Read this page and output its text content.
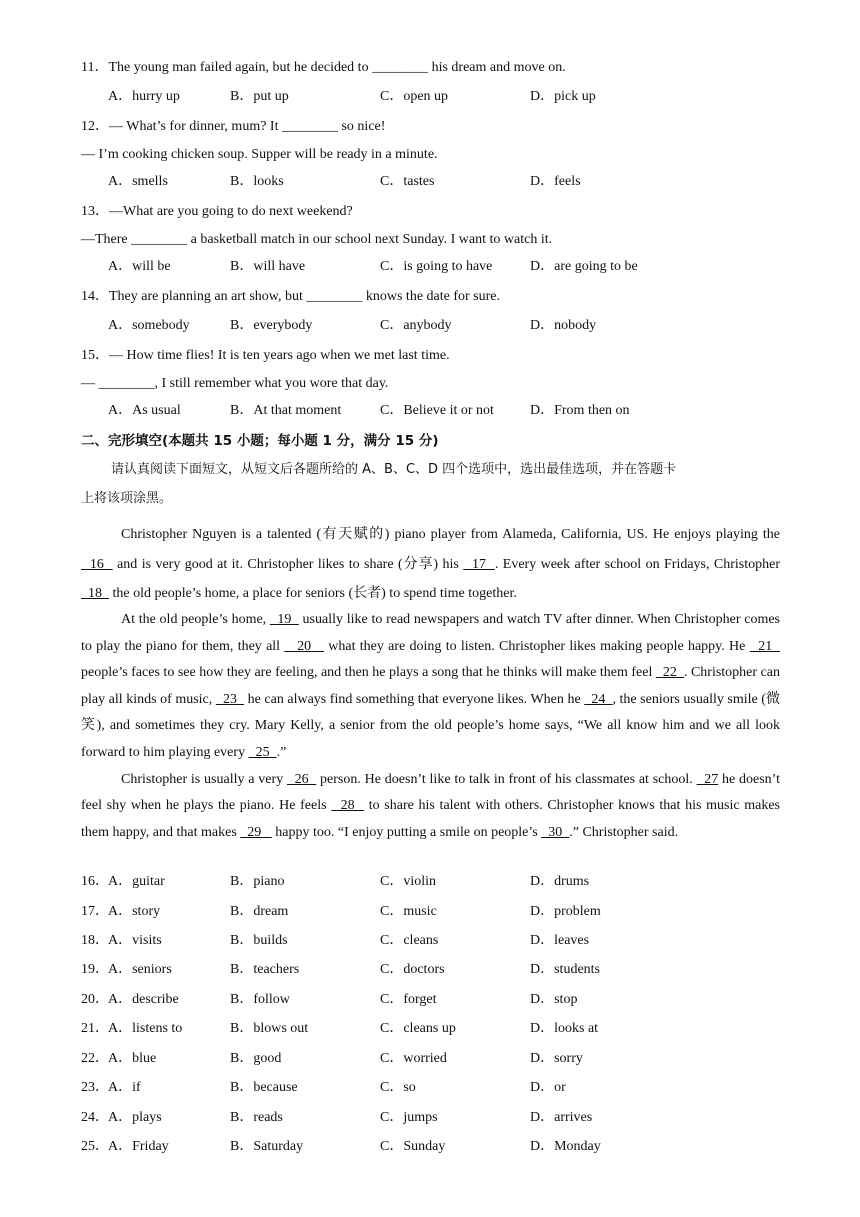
11．The young man failed again, but he decided to ________ his dream and move on.
A．hurry up	B．put up	C．open up	D．pick up
12．— What’s for dinner, mum? It ________ so nice!
— I’m cooking chicken soup. Supper will be ready in a minute.
A．smells	B．looks	C．tastes	D．feels
13．—What are you going to do next weekend?
—There ________ a basketball match in our school next Sunday. I want to watch it.
A．will be	B．will have	C．is going to have	D．are going to be
14．They are planning an art show, but ________ knows the date for sure.
A．somebody	B．everybody	C．anybody	D．nobody
15．— How time flies! It is ten years ago when we met last time.
— ________, I still remember what you wore that day.
A．As usual	B．At that moment	C．Believe it or not	D．From then on
二、完形填空(本题共 15 小题；每小题 1 分，满分 15 分)
请认真阅读下面短文，从短文后各题所给的 A、B、C、D 四个选项中，选出最佳选项，并在答题卡
上将该项涂黑。
Christopher Nguyen is a talented (有天赋的) piano player from Alameda, California, US. He enjoys playing the   16   and is very good at it. Christopher likes to share (分享) his   17  . Every week after school on Fridays, Christopher   18   the old people’s home, a place for seniors (长者) to spend time together.
At the old people’s home,   19   usually like to read newspapers and watch TV after dinner. When Christopher comes to play the piano for them, they all    20    what they are doing to listen. Christopher likes making people happy. He   21   people’s faces to see how they are feeling, and then he plays a song that he thinks will make them feel   22  . Christopher can play all kinds of music,   23   he can always find something that everyone likes. When he   24  , the seniors usually smile (微笑), and sometimes they cry. Mary Kelly, a senior from the old people’s home says, “We all know him and we all look forward to him playing every   25  .”
Christopher is usually a very   26   person. He doesn’t like to talk in front of his classmates at school.   27 he doesn’t feel shy when he plays the piano. He feels   28   to share his talent with others. Christopher knows that his music makes them happy, and that makes   29    happy too. “I enjoy putting a smile on people’s   30  .” Christopher said.
16． A．guitar	B．piano	C．violin	D．drums
17． A．story	B．dream	C．music	D．problem
18． A．visits	B．builds	C．cleans	D．leaves
19． A．seniors	B．teachers	C．doctors	D．students
20． A．describe	B．follow	C．forget	D．stop
21． A．listens to	B．blows out	C．cleans up	D．looks at
22． A．blue	B．good	C．worried	D．sorry
23． A．if	B．because	C．so	D．or
24． A．plays	B．reads	C．jumps	D．arrives
25． A．Friday	B．Saturday	C．Sunday	D．Monday
